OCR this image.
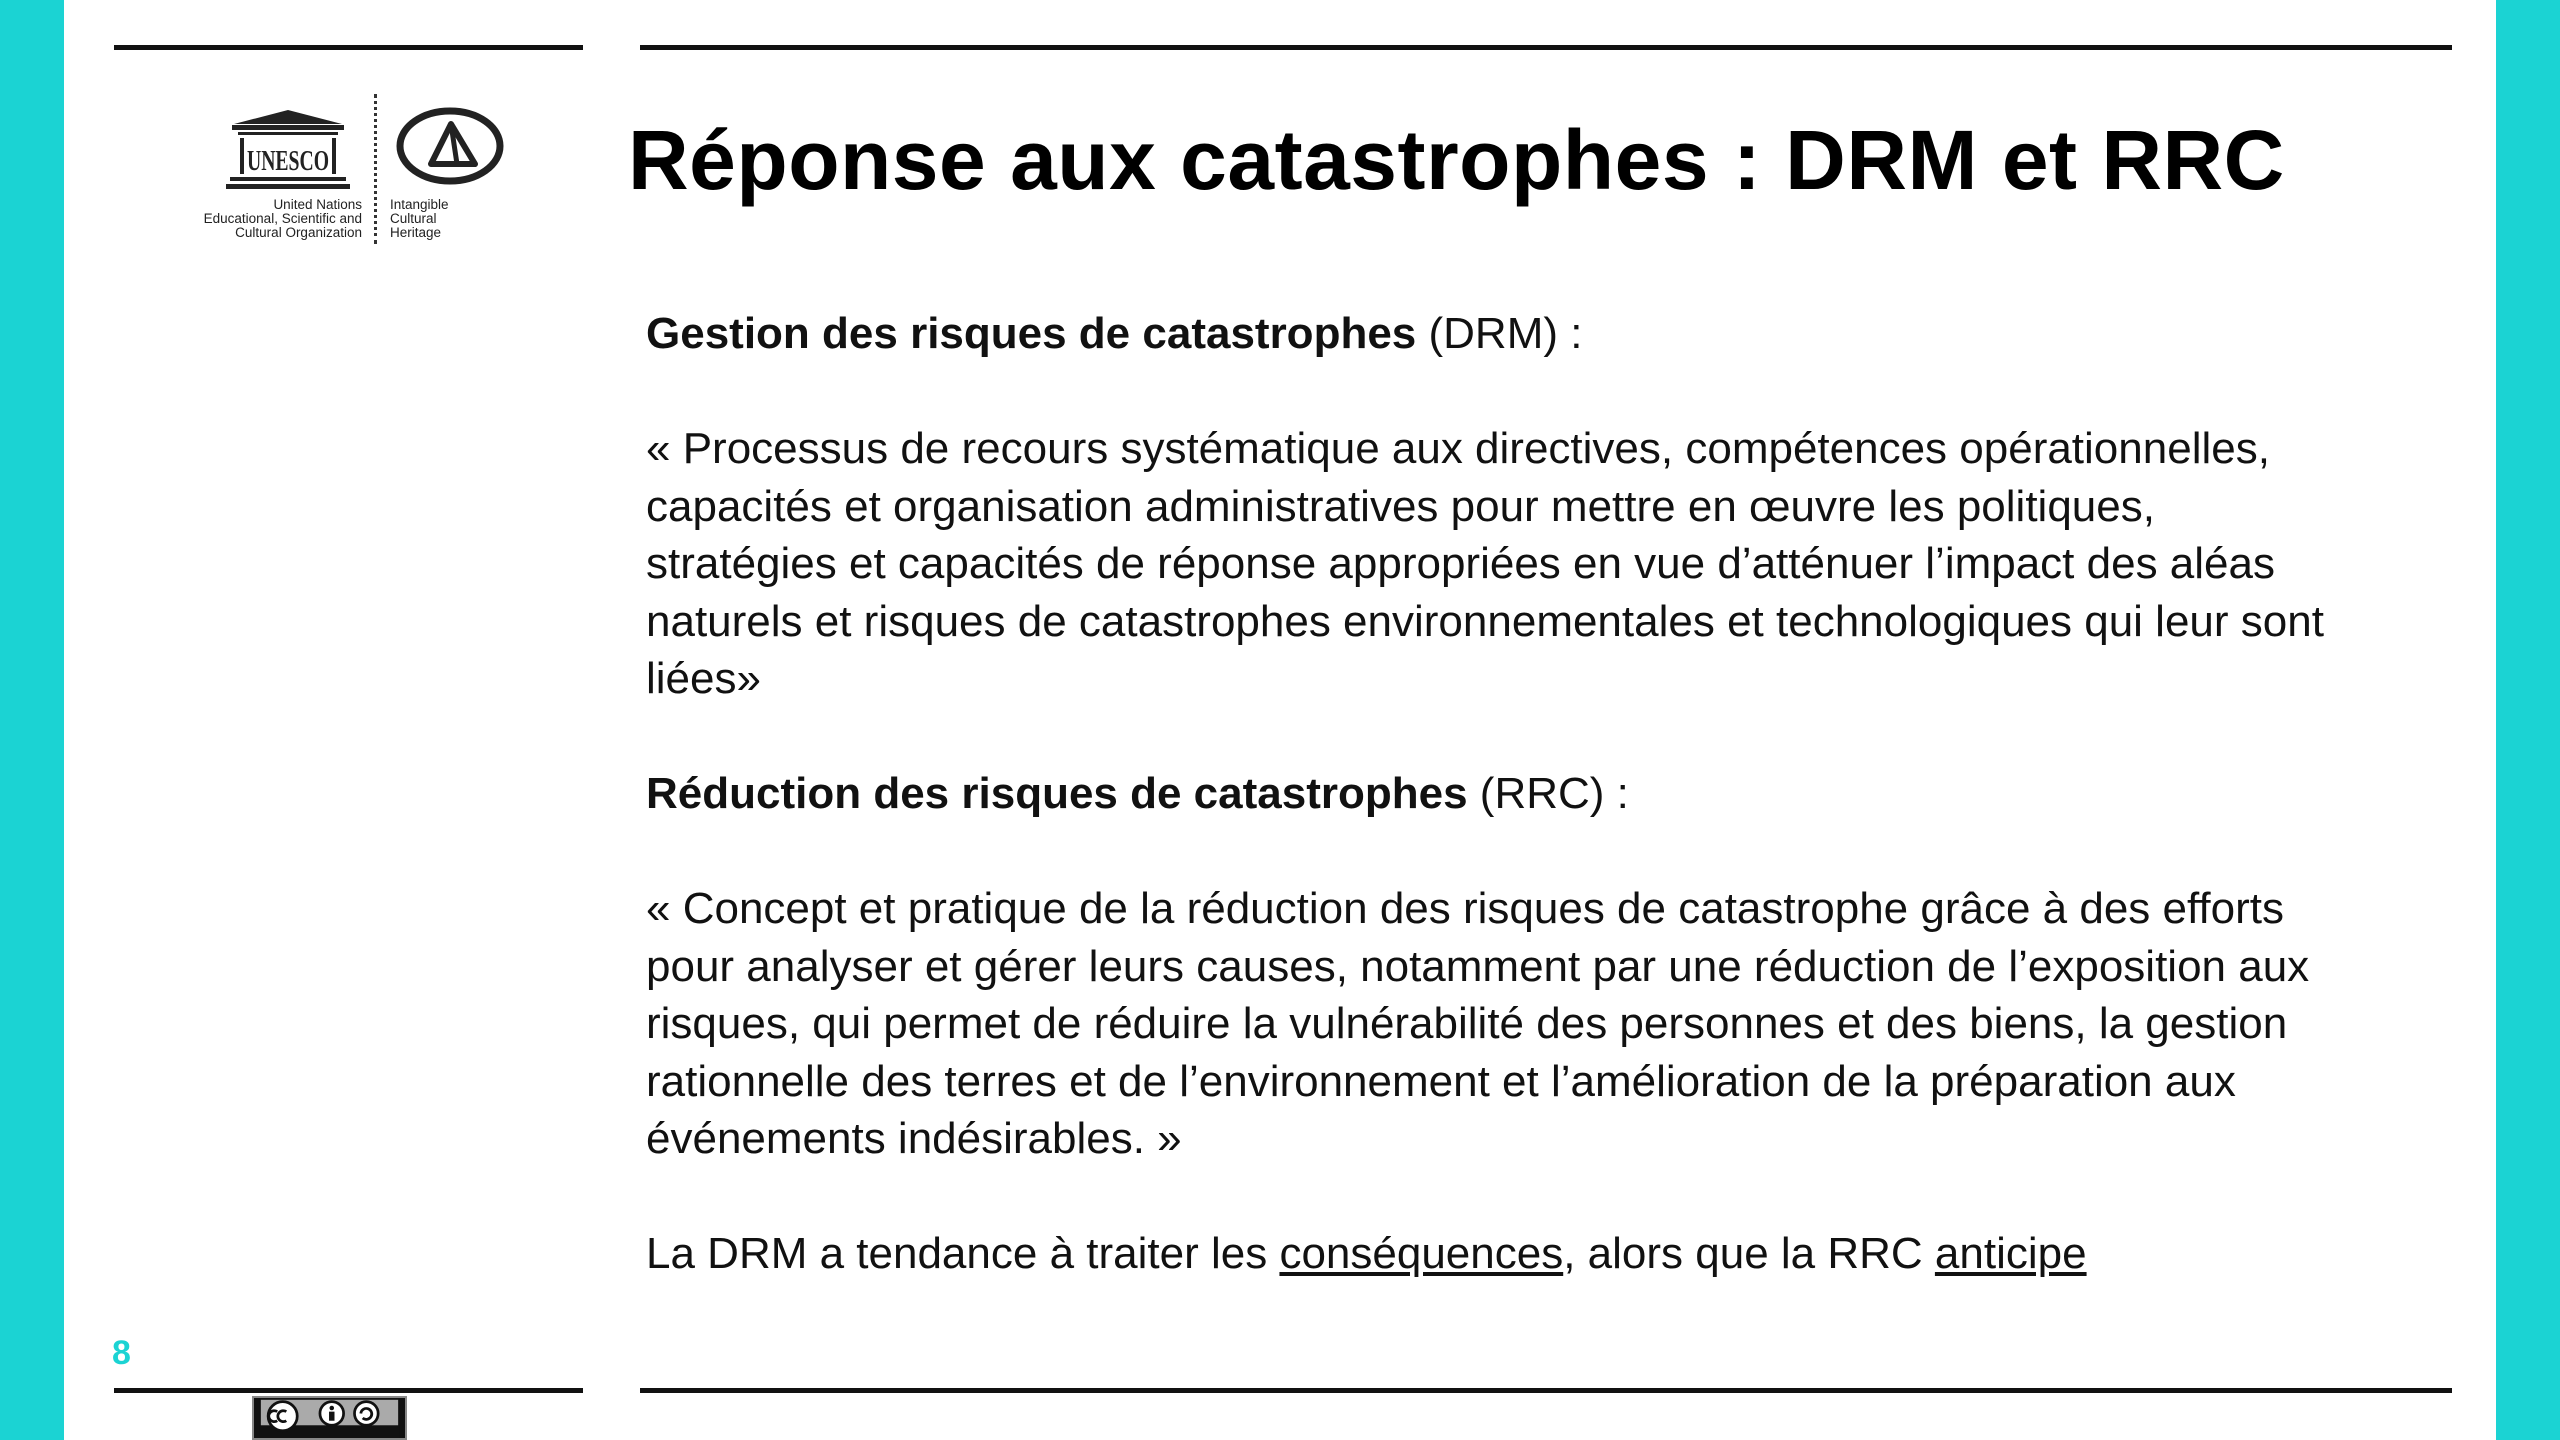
UNESCO
United Nations
Educational, Scientific and
Cultural Organization
Intangible
Cultural
Heritage
Réponse aux catastrophes : DRM et RRC

Gestion des risques de catastrophes (DRM) :

« Processus de recours systématique aux directives, compétences opérationnelles, capacités et organisation administratives pour mettre en œuvre les politiques, stratégies et capacités de réponse appropriées en vue d’atténuer l’impact des aléas naturels et risques de catastrophes environnementales et technologiques qui leur sont liées»

Réduction des risques de catastrophes (RRC) :

« Concept et pratique de la réduction des risques de catastrophe grâce à des efforts pour analyser et gérer leurs causes, notamment par une réduction de l’exposition aux risques, qui permet de réduire la vulnérabilité des personnes et des biens, la gestion rationnelle des terres et de l’environnement et l’amélioration de la préparation aux événements indésirables. »

La DRM a tendance à traiter les conséquences, alors que la RRC anticipe

8
